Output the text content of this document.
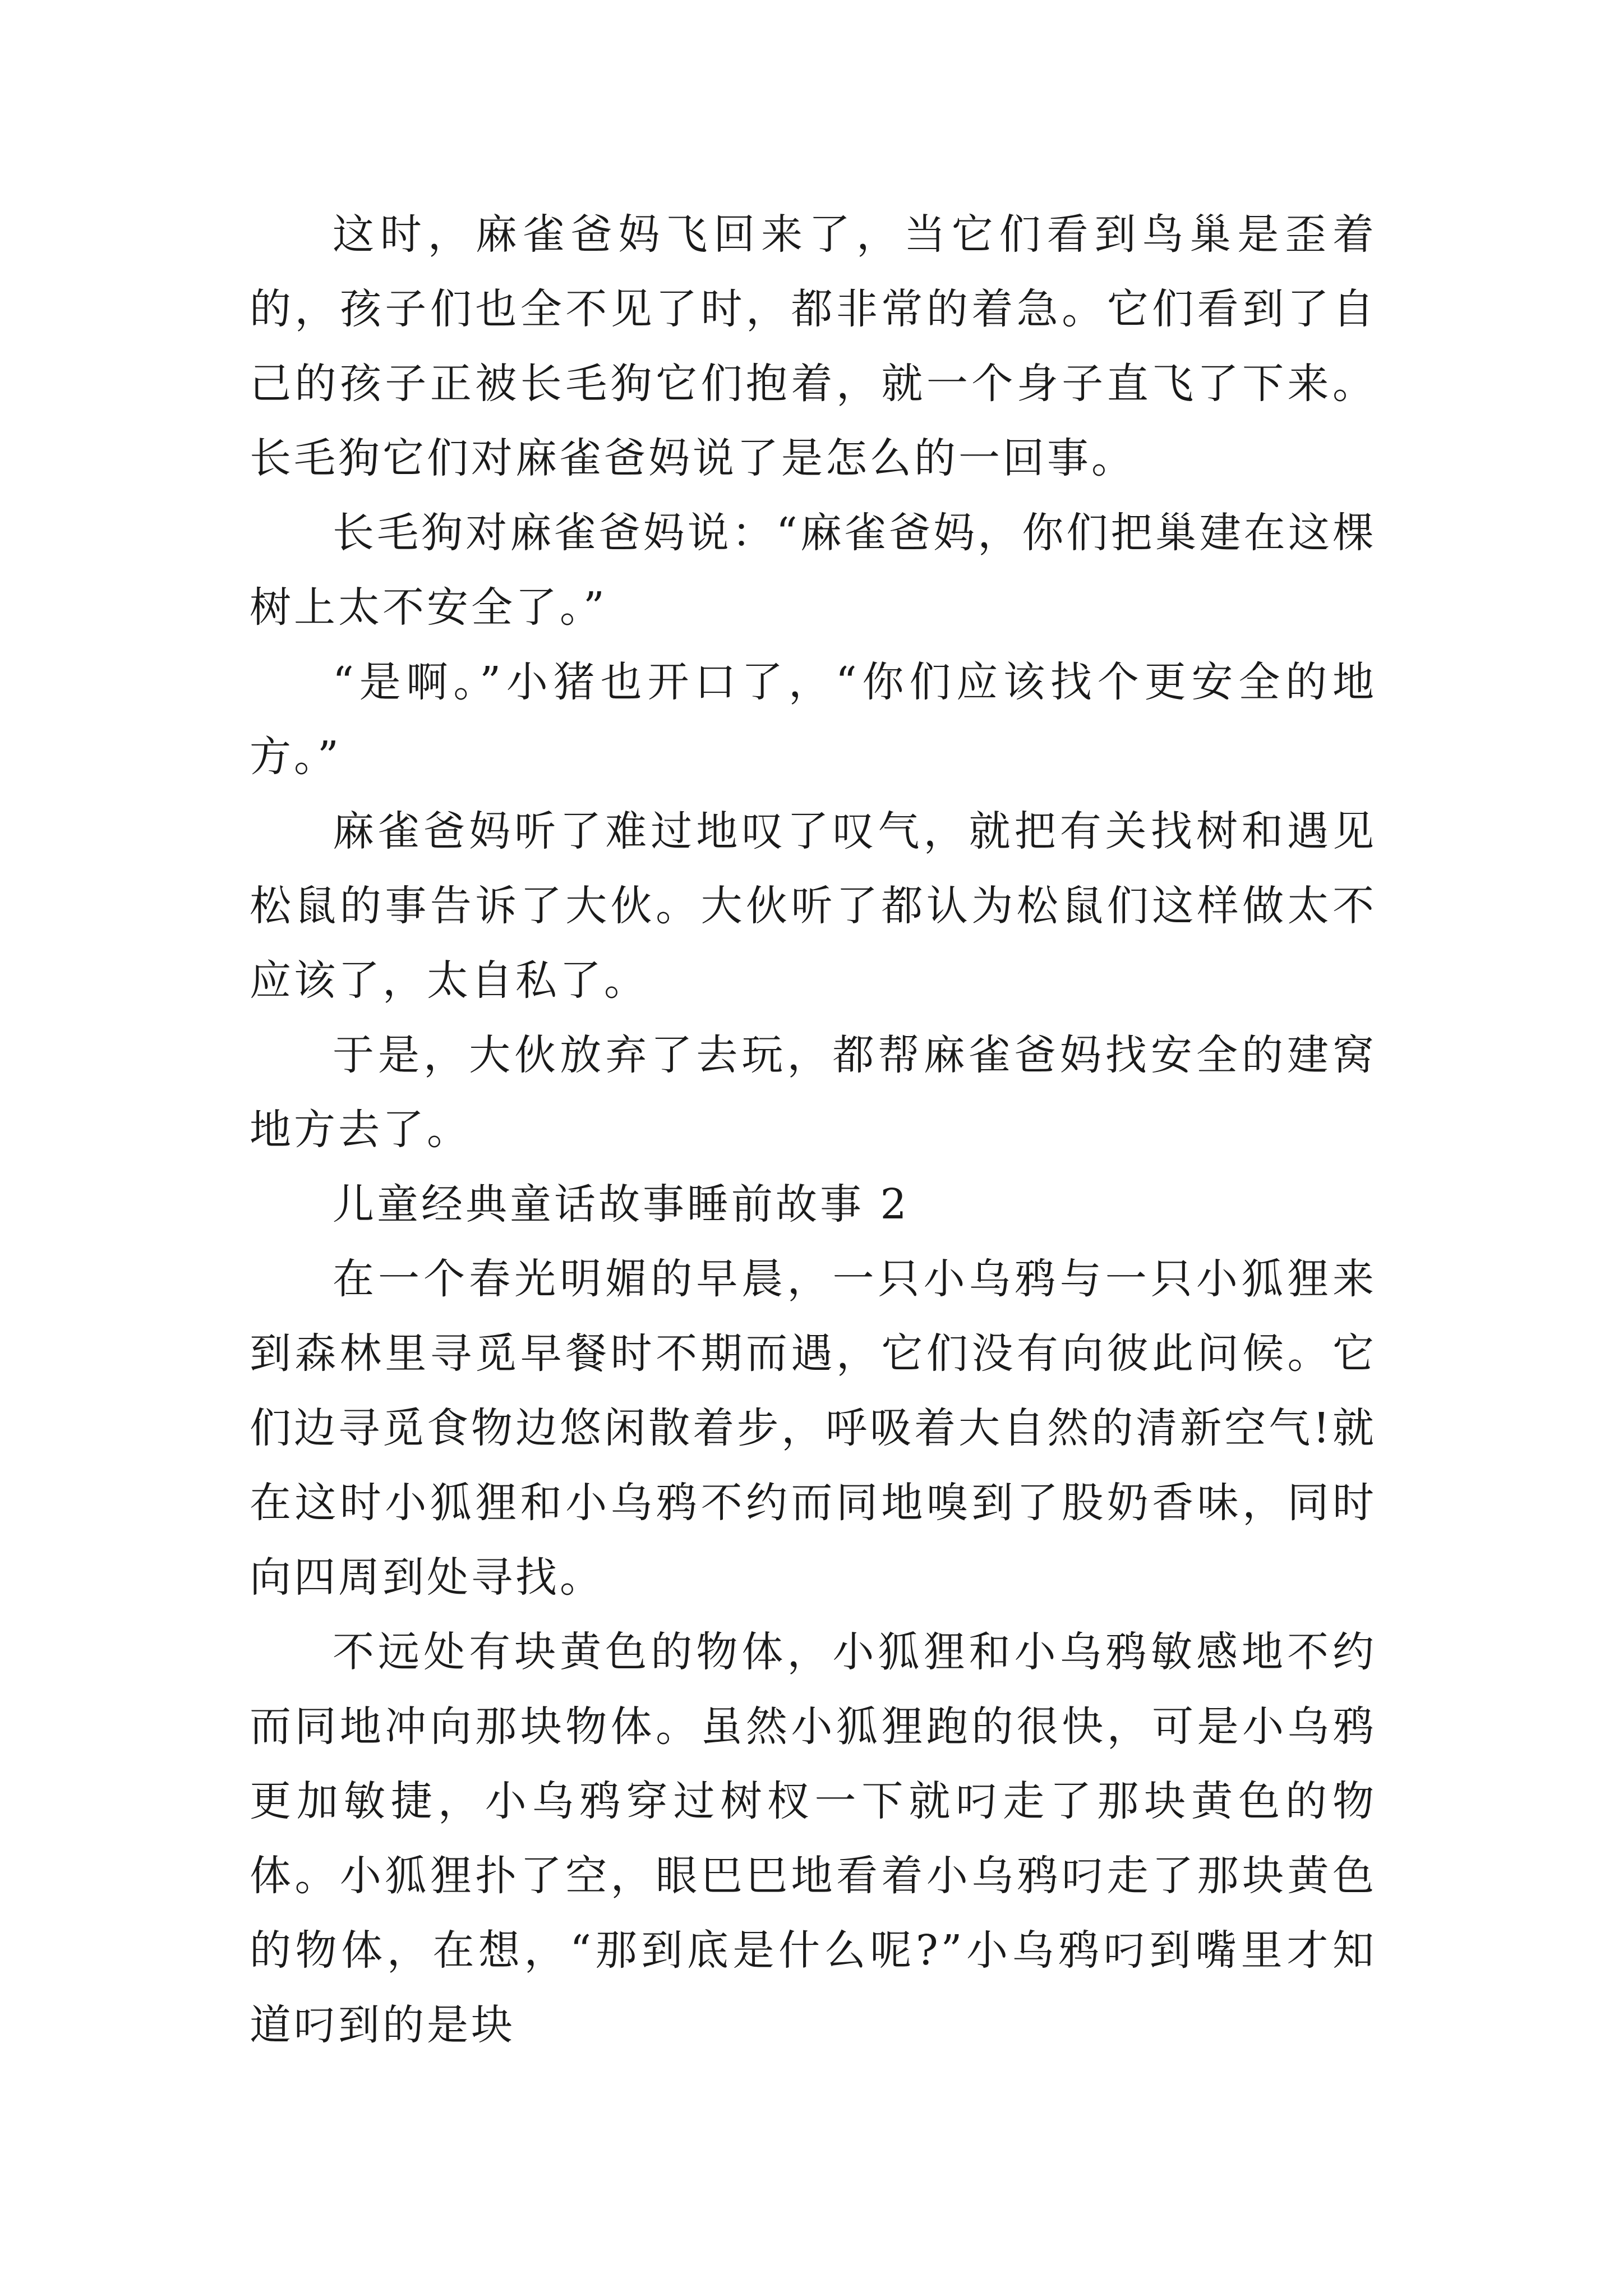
这时，麻雀爸妈飞回来了，当它们看到鸟巢是歪着的，孩子们也全不见了时，都非常的着急。它们看到了自己的孩子正被长毛狗它们抱着，就一个身子直飞了下来。长毛狗它们对麻雀爸妈说了是怎么的一回事。

长毛狗对麻雀爸妈说：“麻雀爸妈，你们把巢建在这棵树上太不安全了。”

“是啊。”小猪也开口了，“你们应该找个更安全的地方。”

麻雀爸妈听了难过地叹了叹气，就把有关找树和遇见松鼠的事告诉了大伙。大伙听了都认为松鼠们这样做太不应该了，太自私了。

于是，大伙放弃了去玩，都帮麻雀爸妈找安全的建窝地方去了。

儿童经典童话故事睡前故事 2

在一个春光明媚的早晨，一只小乌鸦与一只小狐狸来到森林里寻觅早餐时不期而遇，它们没有向彼此问候。它们边寻觅食物边悠闲散着步，呼吸着大自然的清新空气!就在这时小狐狸和小乌鸦不约而同地嗅到了股奶香味，同时向四周到处寻找。

不远处有块黄色的物体，小狐狸和小乌鸦敏感地不约而同地冲向那块物体。虽然小狐狸跑的很快，可是小乌鸦更加敏捷，小乌鸦穿过树杈一下就叼走了那块黄色的物体。小狐狸扑了空，眼巴巴地看着小乌鸦叼走了那块黄色的物体，在想，“那到底是什么呢?”小乌鸦叼到嘴里才知道叼到的是块
